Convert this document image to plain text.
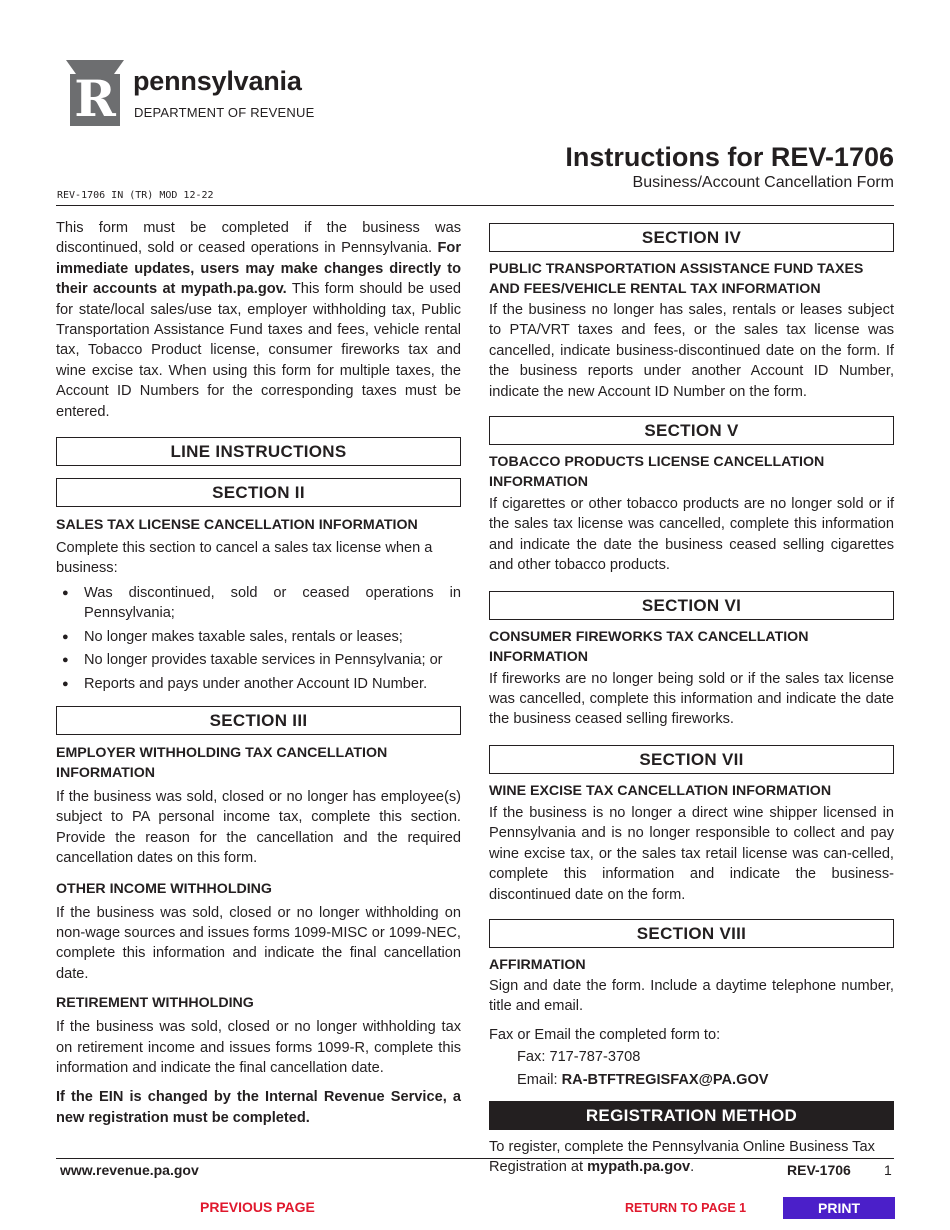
R pennsylvania
DEPARTMENT OF REVENUE
Instructions for REV-1706
Business/Account Cancellation Form
REV-1706 IN (TR) MOD 12-22

This form must be completed if the business was discontinued, sold or ceased operations in Pennsylvania. For immediate updates, users may make changes directly to their accounts at mypath.pa.gov. This form should be used for state/local sales/use tax, employer withholding tax, Public Transportation Assistance Fund taxes and fees, vehicle rental tax, Tobacco Product license, consumer fireworks tax and wine excise tax. When using this form for multiple taxes, the Account ID Numbers for the corresponding taxes must be entered.

LINE INSTRUCTIONS
SECTION II
SALES TAX LICENSE CANCELLATION INFORMATION

Complete this section to cancel a sales tax license when a business:

● Was discontinued, sold or ceased operations in Pennsylvania;
● No longer makes taxable sales, rentals or leases;
● No longer provides taxable services in Pennsylvania; or
● Reports and pays under another Account ID Number.
SECTION III
EMPLOYER WITHHOLDING TAX CANCELLATION INFORMATION

If the business was sold, closed or no longer has employee(s) subject to PA personal income tax, complete this section. Provide the reason for the cancellation and the required cancellation dates on this form.

OTHER INCOME WITHHOLDING

If the business was sold, closed or no longer withholding on non-wage sources and issues forms 1099-MISC or 1099-NEC, complete this information and indicate the final cancellation date.

RETIREMENT WITHHOLDING

If the business was sold, closed or no longer withholding tax on retirement income and issues forms 1099-R, complete this information and indicate the final cancellation date.

If the EIN is changed by the Internal Revenue Service, a new registration must be completed.

SECTION IV
PUBLIC TRANSPORTATION ASSISTANCE FUND TAXES AND FEES/VEHICLE RENTAL TAX INFORMATION

If the business no longer has sales, rentals or leases subject to PTA/VRT taxes and fees, or the sales tax license was cancelled, indicate business-discontinued date on the form. If the business reports under another Account ID Number, indicate the new Account ID Number on the form.

SECTION V
TOBACCO PRODUCTS LICENSE CANCELLATION INFORMATION

If cigarettes or other tobacco products are no longer sold or if the sales tax license was cancelled, complete this information and indicate the date the business ceased selling cigarettes and other tobacco products.

SECTION VI
CONSUMER FIREWORKS TAX CANCELLATION INFORMATION

If fireworks are no longer being sold or if the sales tax license was cancelled, complete this information and indicate the date the business ceased selling fireworks.

SECTION VII
WINE EXCISE TAX CANCELLATION INFORMATION

If the business is no longer a direct wine shipper licensed in Pennsylvania and is no longer responsible to collect and pay wine excise tax, or the sales tax retail license was can-celled, complete this information and indicate the business-discontinued date on the form.

SECTION VIII
AFFIRMATION

Sign and date the form. Include a daytime telephone number, title and email.

Fax or Email the completed form to:

Fax: 717-787-3708

Email: RA-BTFTREGISFAX@PA.GOV

REGISTRATION METHOD

To register, complete the Pennsylvania Online Business Tax Registration at mypath.pa.gov.

www.revenue.pa.gov	REV-1706 1
PREVIOUS PAGE	RETURN TO PAGE 1	PRINT
